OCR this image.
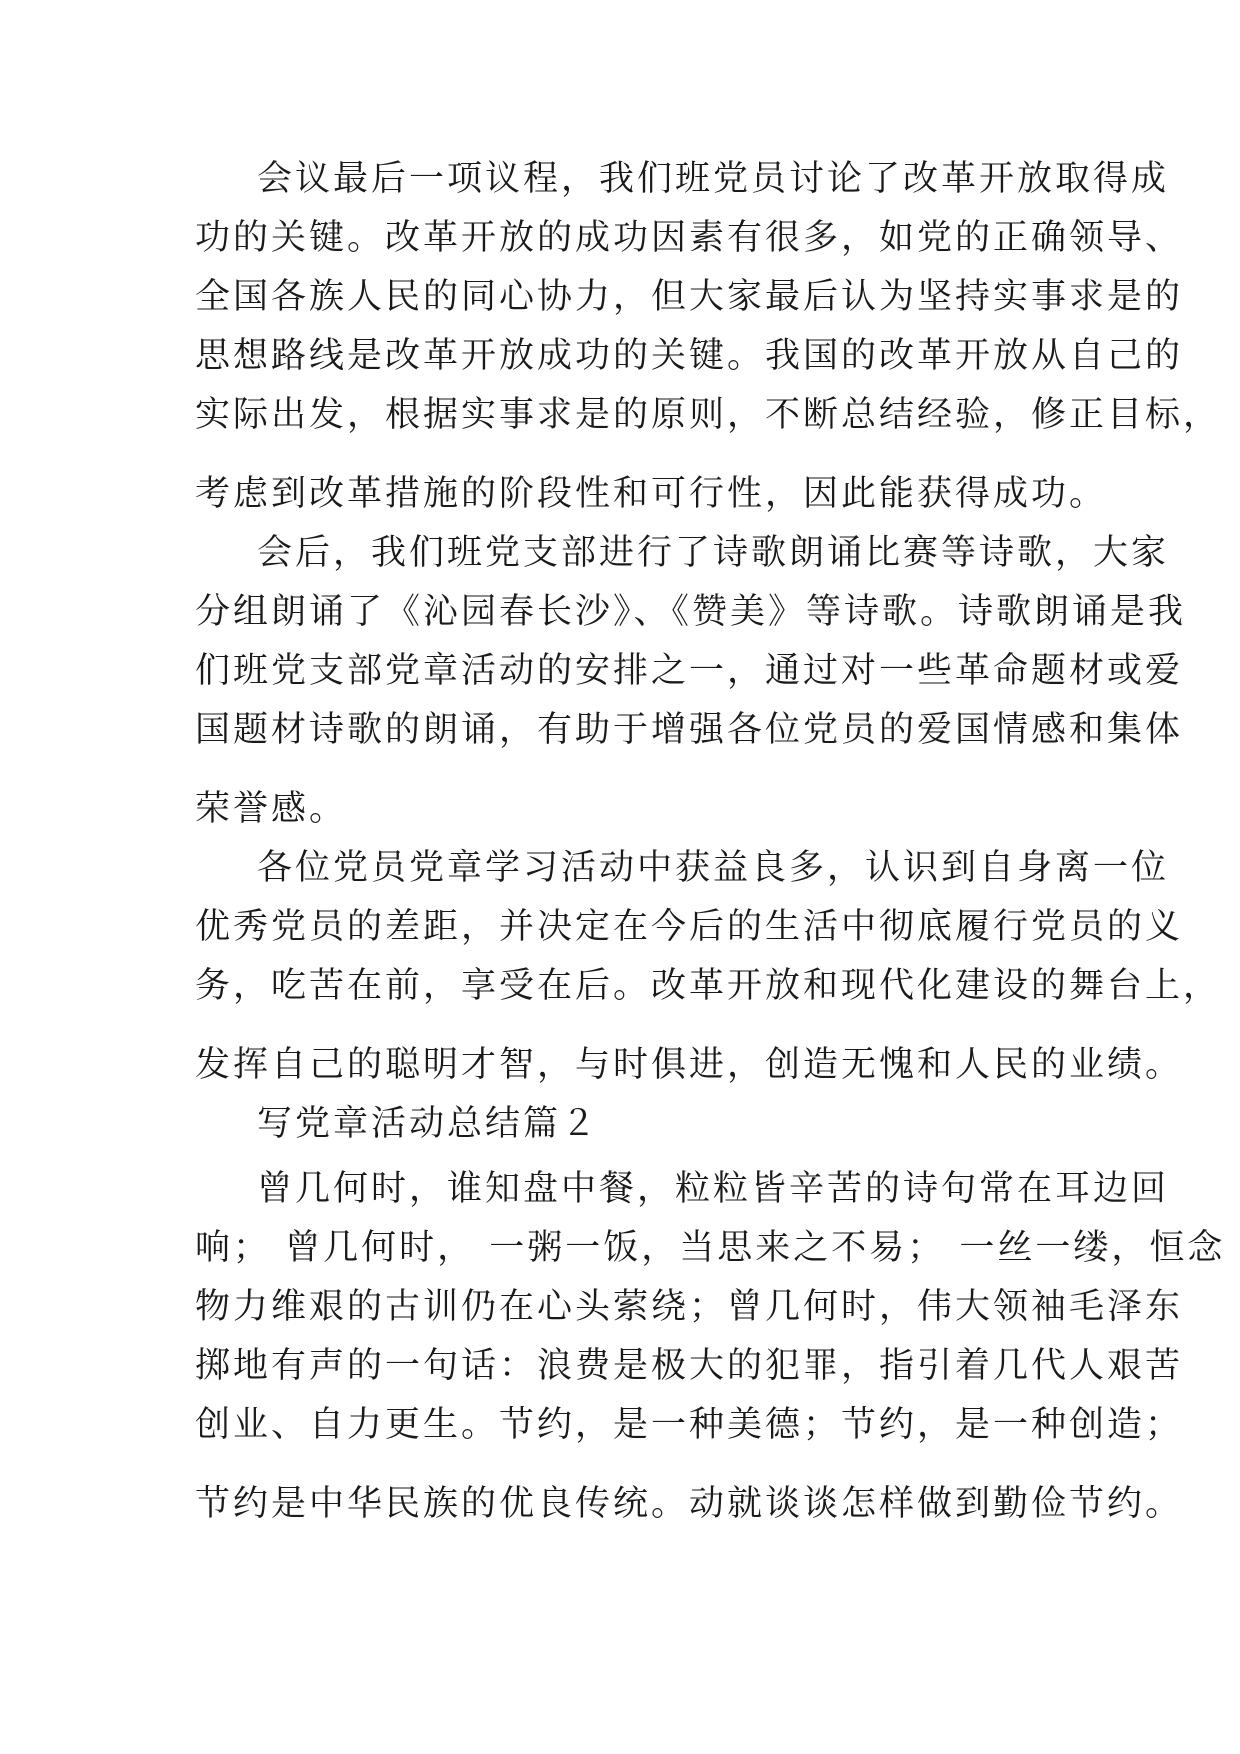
会议最后一项议程，我们班党员讨论了改革开放取得成
功的关键。改革开放的成功因素有很多，如党的正确领导、
全国各族人民的同心协力，但大家最后认为坚持实事求是的
思想路线是改革开放成功的关键。我国的改革开放从自己的
实际出发，根据实事求是的原则，不断总结经验，修正目标，
考虑到改革措施的阶段性和可行性，因此能获得成功。
会后，我们班党支部进行了诗歌朗诵比赛等诗歌，大家
分组朗诵了《沁园春长沙》、《赞美》等诗歌。诗歌朗诵是我
们班党支部党章活动的安排之一，通过对一些革命题材或爱
国题材诗歌的朗诵，有助于增强各位党员的爱国情感和集体
荣誉感。
各位党员党章学习活动中获益良多，认识到自身离一位
优秀党员的差距，并决定在今后的生活中彻底履行党员的义
务，吃苦在前，享受在后。改革开放和现代化建设的舞台上，
发挥自己的聪明才智，与时俱进，创造无愧和人民的业绩。
写党章活动总结篇２
曾几何时，谁知盘中餐，粒粒皆辛苦的诗句常在耳边回
响； 曾几何时， 一粥一饭，当思来之不易； 一丝一缕，恒念
物力维艰的古训仍在心头萦绕；曾几何时，伟大领袖毛泽东
掷地有声的一句话：浪费是极大的犯罪，指引着几代人艰苦
创业、自力更生。节约，是一种美德；节约，是一种创造；
节约是中华民族的优良传统。动就谈谈怎样做到勤俭节约。
